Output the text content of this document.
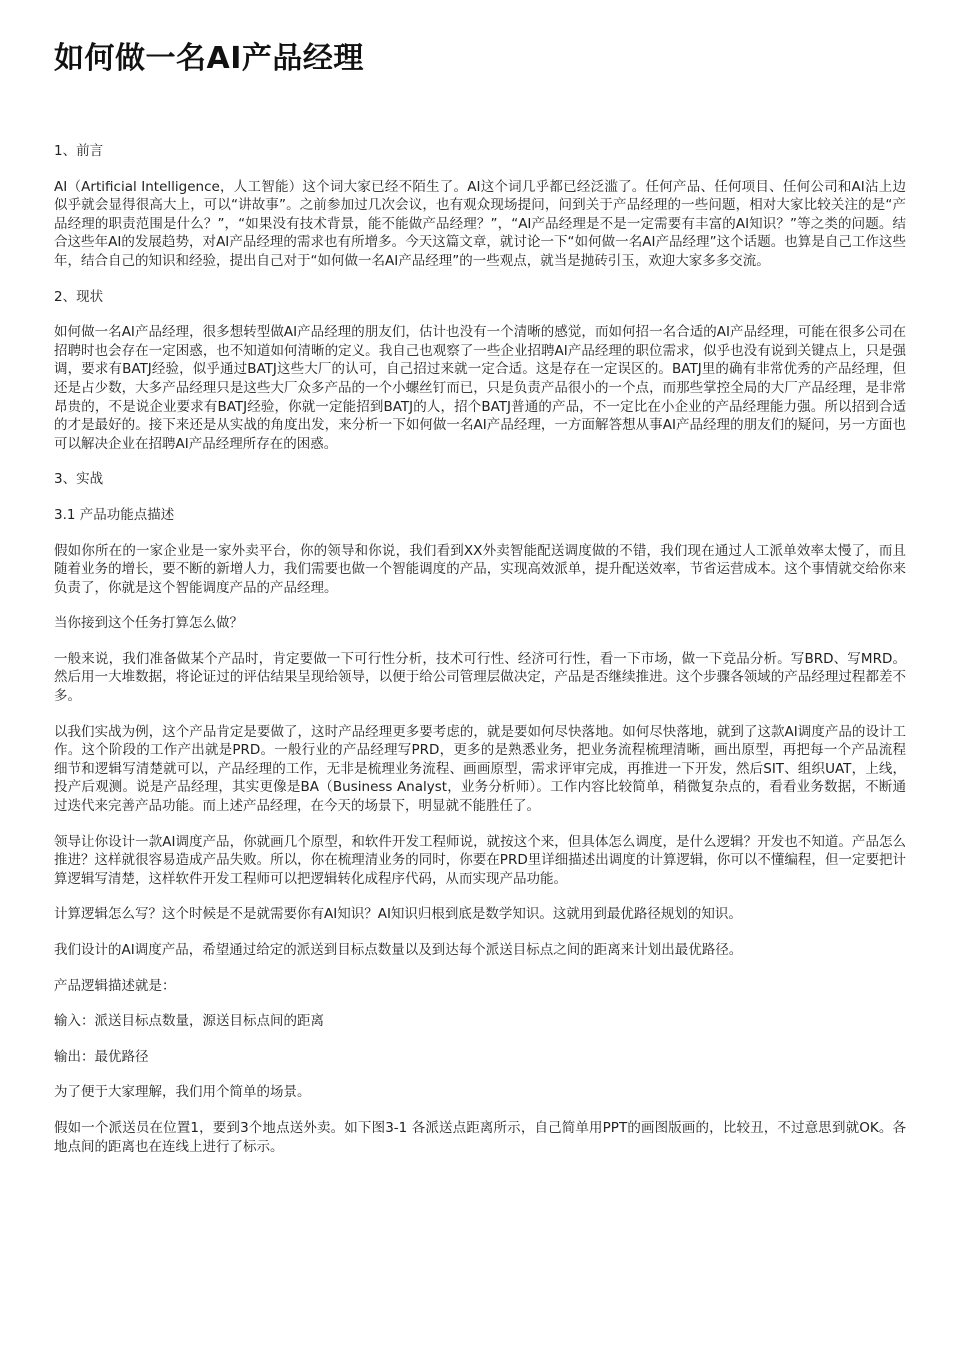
如何做一名AI产品经理

1、前言

AI（Artificial Intelligence，人工智能）这个词大家已经不陌生了。AI这个词几乎都已经泛滥了。任何产品、任何项目、任何公司和AI沾上边似乎就会显得很高大上，可以“讲故事”。之前参加过几次会议，也有观众现场提问，问到关于产品经理的一些问题，相对大家比较关注的是“产品经理的职责范围是什么？”，“如果没有技术背景，能不能做产品经理？”，“AI产品经理是不是一定需要有丰富的AI知识？”等之类的问题。结合这些年AI的发展趋势，对AI产品经理的需求也有所增多。今天这篇文章，就讨论一下“如何做一名AI产品经理”这个话题。也算是自己工作这些年，结合自己的知识和经验，提出自己对于“如何做一名AI产品经理”的一些观点，就当是抛砖引玉，欢迎大家多多交流。

2、现状

如何做一名AI产品经理，很多想转型做AI产品经理的朋友们，估计也没有一个清晰的感觉，而如何招一名合适的AI产品经理，可能在很多公司在招聘时也会存在一定困惑，也不知道如何清晰的定义。我自己也观察了一些企业招聘AI产品经理的职位需求，似乎也没有说到关键点上，只是强调，要求有BATJ经验，似乎通过BATJ这些大厂的认可，自己招过来就一定合适。这是存在一定误区的。BATJ里的确有非常优秀的产品经理，但还是占少数，大多产品经理只是这些大厂众多产品的一个小螺丝钉而已，只是负责产品很小的一个点，而那些掌控全局的大厂产品经理，是非常昂贵的，不是说企业要求有BATJ经验，你就一定能招到BATJ的人，招个BATJ普通的产品，不一定比在小企业的产品经理能力强。所以招到合适的才是最好的。接下来还是从实战的角度出发，来分析一下如何做一名AI产品经理，一方面解答想从事AI产品经理的朋友们的疑问，另一方面也可以解决企业在招聘AI产品经理所存在的困惑。

3、实战

3.1 产品功能点描述

假如你所在的一家企业是一家外卖平台，你的领导和你说，我们看到XX外卖智能配送调度做的不错，我们现在通过人工派单效率太慢了，而且随着业务的增长，要不断的新增人力，我们需要也做一个智能调度的产品，实现高效派单，提升配送效率，节省运营成本。这个事情就交给你来负责了，你就是这个智能调度产品的产品经理。

当你接到这个任务打算怎么做？

一般来说，我们准备做某个产品时，肯定要做一下可行性分析，技术可行性、经济可行性，看一下市场，做一下竞品分析。写BRD、写MRD。然后用一大堆数据，将论证过的评估结果呈现给领导，以便于给公司管理层做决定，产品是否继续推进。这个步骤各领域的产品经理过程都差不多。

以我们实战为例，这个产品肯定是要做了，这时产品经理更多要考虑的，就是要如何尽快落地。如何尽快落地，就到了这款AI调度产品的设计工作。这个阶段的工作产出就是PRD。一般行业的产品经理写PRD，更多的是熟悉业务，把业务流程梳理清晰，画出原型，再把每一个产品流程细节和逻辑写清楚就可以，产品经理的工作，无非是梳理业务流程、画画原型，需求评审完成，再推进一下开发，然后SIT、组织UAT，上线，投产后观测。说是产品经理，其实更像是BA（Business Analyst，业务分析师）。工作内容比较简单，稍微复杂点的，看看业务数据，不断通过迭代来完善产品功能。而上述产品经理，在今天的场景下，明显就不能胜任了。

领导让你设计一款AI调度产品，你就画几个原型，和软件开发工程师说，就按这个来，但具体怎么调度，是什么逻辑？开发也不知道。产品怎么推进？这样就很容易造成产品失败。所以，你在梳理清业务的同时，你要在PRD里详细描述出调度的计算逻辑，你可以不懂编程，但一定要把计算逻辑写清楚，这样软件开发工程师可以把逻辑转化成程序代码，从而实现产品功能。

计算逻辑怎么写？这个时候是不是就需要你有AI知识？AI知识归根到底是数学知识。这就用到最优路径规划的知识。

我们设计的AI调度产品，希望通过给定的派送到目标点数量以及到达每个派送目标点之间的距离来计划出最优路径。

产品逻辑描述就是：

输入：派送目标点数量，源送目标点间的距离

输出：最优路径

为了便于大家理解，我们用个简单的场景。

假如一个派送员在位置1，要到3个地点送外卖。如下图3-1 各派送点距离所示，自己简单用PPT的画图版画的，比较丑，不过意思到就OK。各地点间的距离也在连线上进行了标示。
